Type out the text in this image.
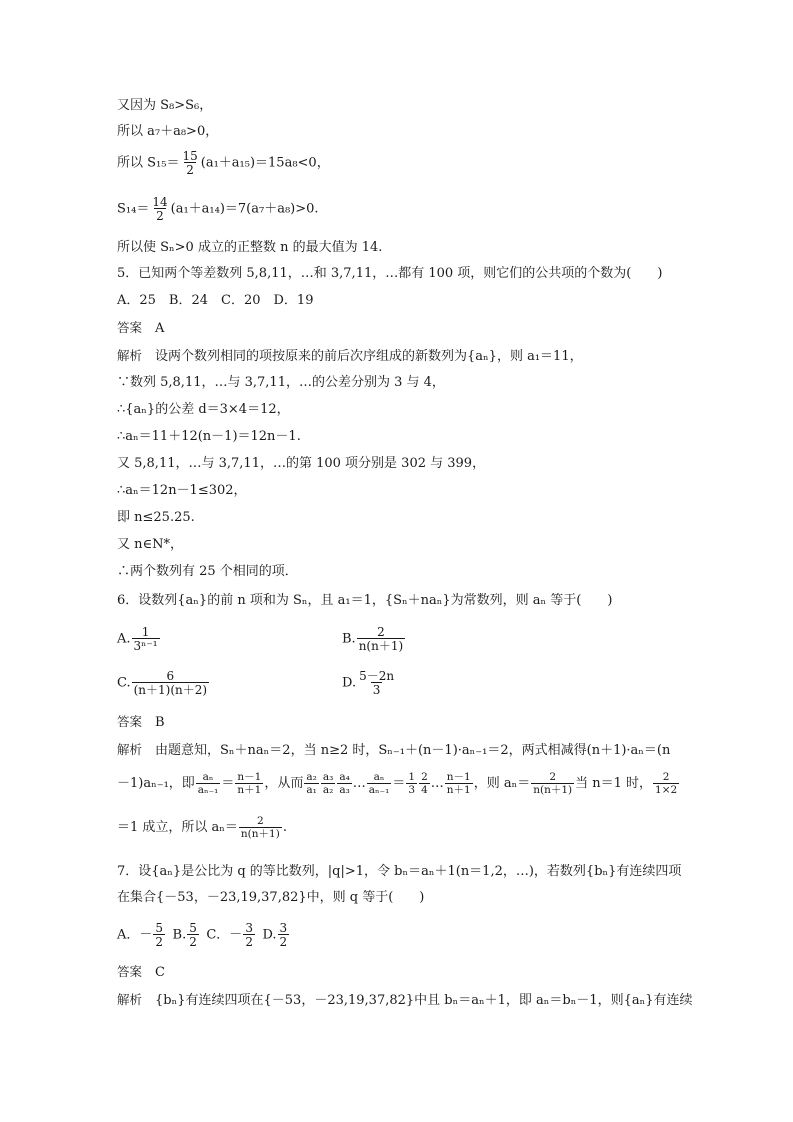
又因为 S₈>S₆，
所以 a₇＋a₈>0，
所以 $S_{15}= \frac{15}{2} (a_1+a_{15})=15a_8<0$，
$S_{14}= \frac{14}{2} (a_1+a_{14})=7(a_7+a_8)>0$.
所以使 Sₙ>0 成立的正整数 n 的最大值为 14.
5．已知两个等差数列 5,8,11，…和 3,7,11，…都有 100 项，则它们的公共项的个数为(　　)
A．25　B．24　C．20　D．19
答案　 A
解析　 设两个数列相同的项按原来的前后次序组成的新数列为{aₙ}，则 a₁＝11，
∵数列 5,8,11，…与 3,7,11，…的公差分别为 3 与 4，
∴{aₙ}的公差 d＝3×4＝12，
∴aₙ＝11＋12(n－1)＝12n－1.
又 5,8,11，…与 3,7,11，…的第 100 项分别是 302 与 399，
∴aₙ＝12n－1≤302，
即 n≤25.25.
又 n∈N*，
∴两个数列有 25 个相同的项．
6．设数列{aₙ}的前 n 项和为 Sₙ，且 a₁＝1，{Sₙ＋naₙ}为常数列，则 aₙ 等于(　　)
A. $\frac{1}{\text{3ⁿ⁻¹}}$	B. $\frac{2}{n(n+1)}$
C. $\frac{6}{(n+1)(n+2)}$	D. $\frac{5-2n}{3}$
答案　 B
解析　 由题意知，Sₙ＋naₙ＝2，当 n≥2 时，Sₙ₋₁＋(n－1)·aₙ₋₁＝2，两式相减得(n＋1)·aₙ＝(n
－1)aₙ₋₁，即 $\frac{\text{aₙ}}{\text{aₙ₋₁}} = \frac{n-1}{n+1}$ ，从而 $\frac{\text{a₂}}{\text{a₁}} \frac{\text{a₃}}{\text{a₂}} \frac{\text{a₄}}{\text{a₃}}$ … $\frac{\text{aₙ}}{\text{aₙ₋₁}} = \frac{1}{3} \frac{2}{4}$ … $\frac{n-1}{n+1}$ ，则 $a_n= \frac{2}{n(n+1)}$ 当 n＝1 时， $\frac{2}{1\times 2}$
＝1 成立，所以 $a_n= \frac{2}{n(n+1)}$ .
7．设{aₙ}是公比为 q 的等比数列，|q|>1，令 bₙ＝aₙ＋1(n＝1,2，…)，若数列{bₙ}有连续四项
在集合{－53，－23,19,37,82}中，则 q 等于(　　)
A．－ $\frac{5}{2}$
  B. $\frac{5}{2}$
  C．－ $\frac{3}{2}$
  D. $\frac{3}{2}$
答案　 C
解析　 {bₙ}有连续四项在{－53，－23,19,37,82}中且 bₙ＝aₙ＋1，即 aₙ＝bₙ－1，则{aₙ}有连续
